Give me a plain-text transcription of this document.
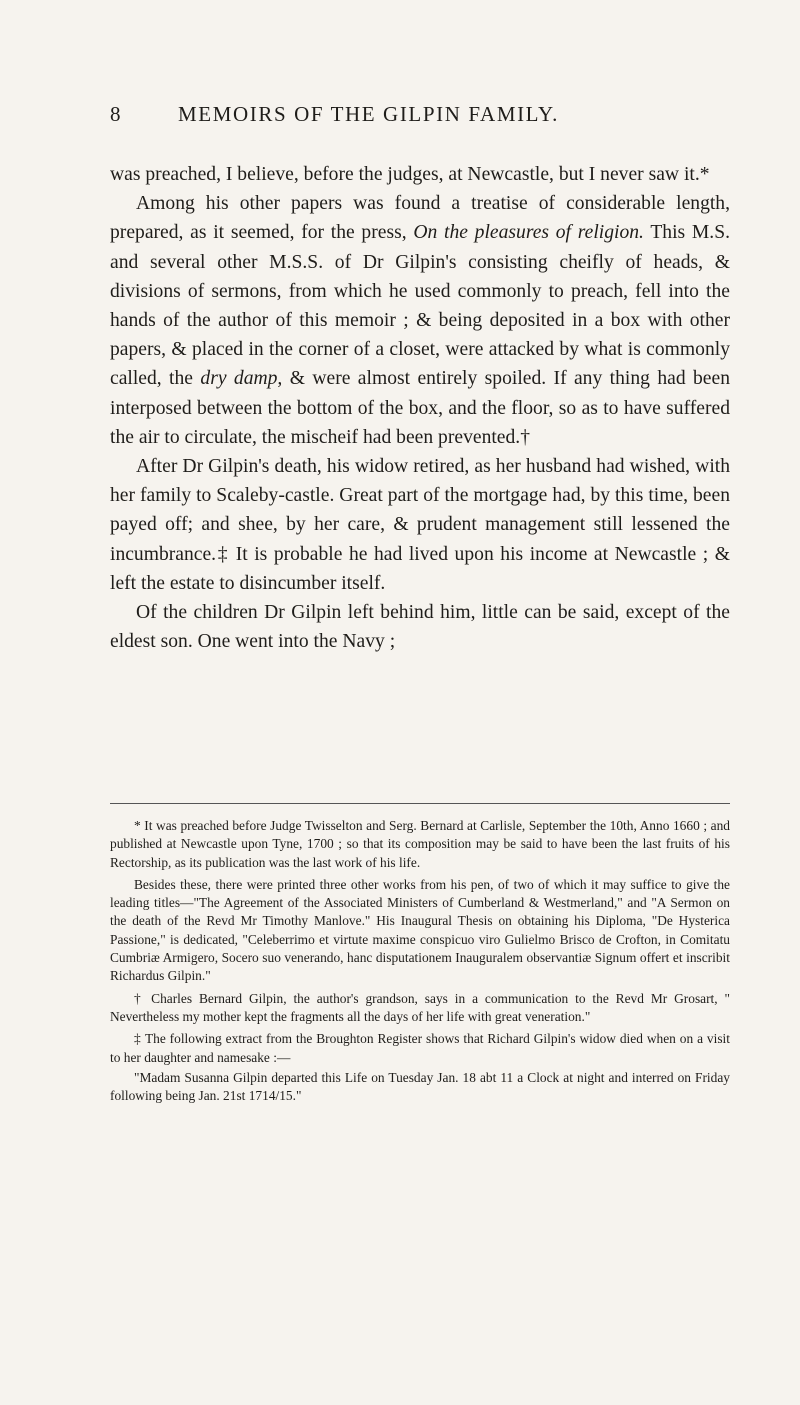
8	MEMOIRS OF THE GILPIN FAMILY.

was preached, I believe, before the judges, at Newcastle, but I never saw it.*

Among his other papers was found a treatise of considerable length, prepared, as it seemed, for the press, On the pleasures of religion. This M.S. and several other M.S.S. of Dr Gilpin's consisting cheifly of heads, & divisions of sermons, from which he used commonly to preach, fell into the hands of the author of this memoir ; & being deposited in a box with other papers, & placed in the corner of a closet, were attacked by what is commonly called, the dry damp, & were almost entirely spoiled. If any thing had been interposed between the bottom of the box, and the floor, so as to have suffered the air to circulate, the mischeif had been prevented.†

After Dr Gilpin's death, his widow retired, as her husband had wished, with her family to Scaleby-castle. Great part of the mortgage had, by this time, been payed off; and shee, by her care, & prudent management still lessened the incumbrance.‡ It is probable he had lived upon his income at Newcastle ; & left the estate to disincumber itself.

Of the children Dr Gilpin left behind him, little can be said, except of the eldest son. One went into the Navy ;

* It was preached before Judge Twisselton and Serg. Bernard at Carlisle, September the 10th, Anno 1660 ; and published at Newcastle upon Tyne, 1700 ; so that its composition may be said to have been the last fruits of his Rectorship, as its publication was the last work of his life.

Besides these, there were printed three other works from his pen, of two of which it may suffice to give the leading titles—"The Agreement of the Associated Ministers of Cumberland & Westmerland," and "A Sermon on the death of the Revd Mr Timothy Manlove." His Inaugural Thesis on obtaining his Diploma, "De Hysterica Passione," is dedicated, "Celeberrimo et virtute maxime conspicuo viro Gulielmo Brisco de Crofton, in Comitatu Cumbriæ Armigero, Socero suo venerando, hanc disputationem Inauguralem observantiæ Signum offert et inscribit Richardus Gilpin."

† Charles Bernard Gilpin, the author's grandson, says in a communication to the Revd Mr Grosart, " Nevertheless my mother kept the fragments all the days of her life with great veneration."

‡ The following extract from the Broughton Register shows that Richard Gilpin's widow died when on a visit to her daughter and namesake :—

"Madam Susanna Gilpin departed this Life on Tuesday Jan. 18 abt 11 a Clock at night and interred on Friday following being Jan. 21st 1714/15."
